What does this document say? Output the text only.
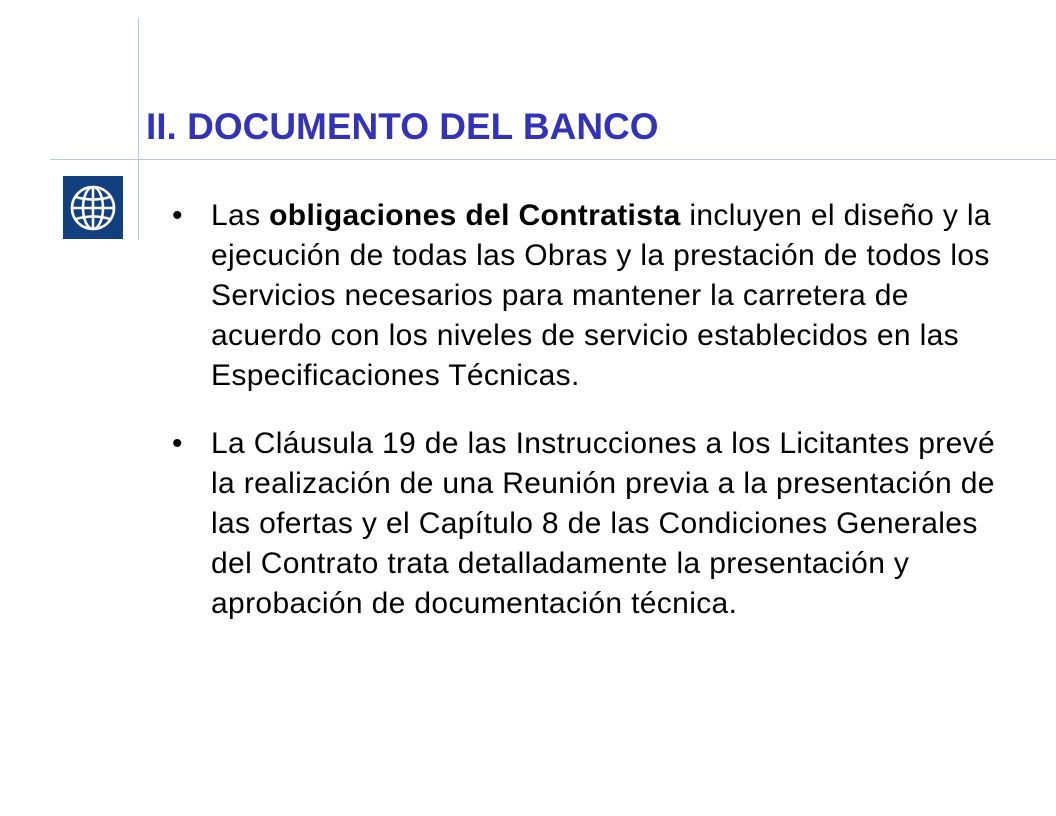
II. DOCUMENTO DEL BANCO
• Las obligaciones del Contratista incluyen el diseño y la ejecución de todas las Obras y la prestación de todos los Servicios necesarios para mantener la carretera de acuerdo con los niveles de servicio establecidos en las Especificaciones Técnicas.
• La Cláusula 19 de las Instrucciones a los Licitantes prevé la realización de una Reunión previa a la presentación de las ofertas y el Capítulo 8 de las Condiciones Generales del Contrato trata detalladamente la presentación y aprobación de documentación técnica.
